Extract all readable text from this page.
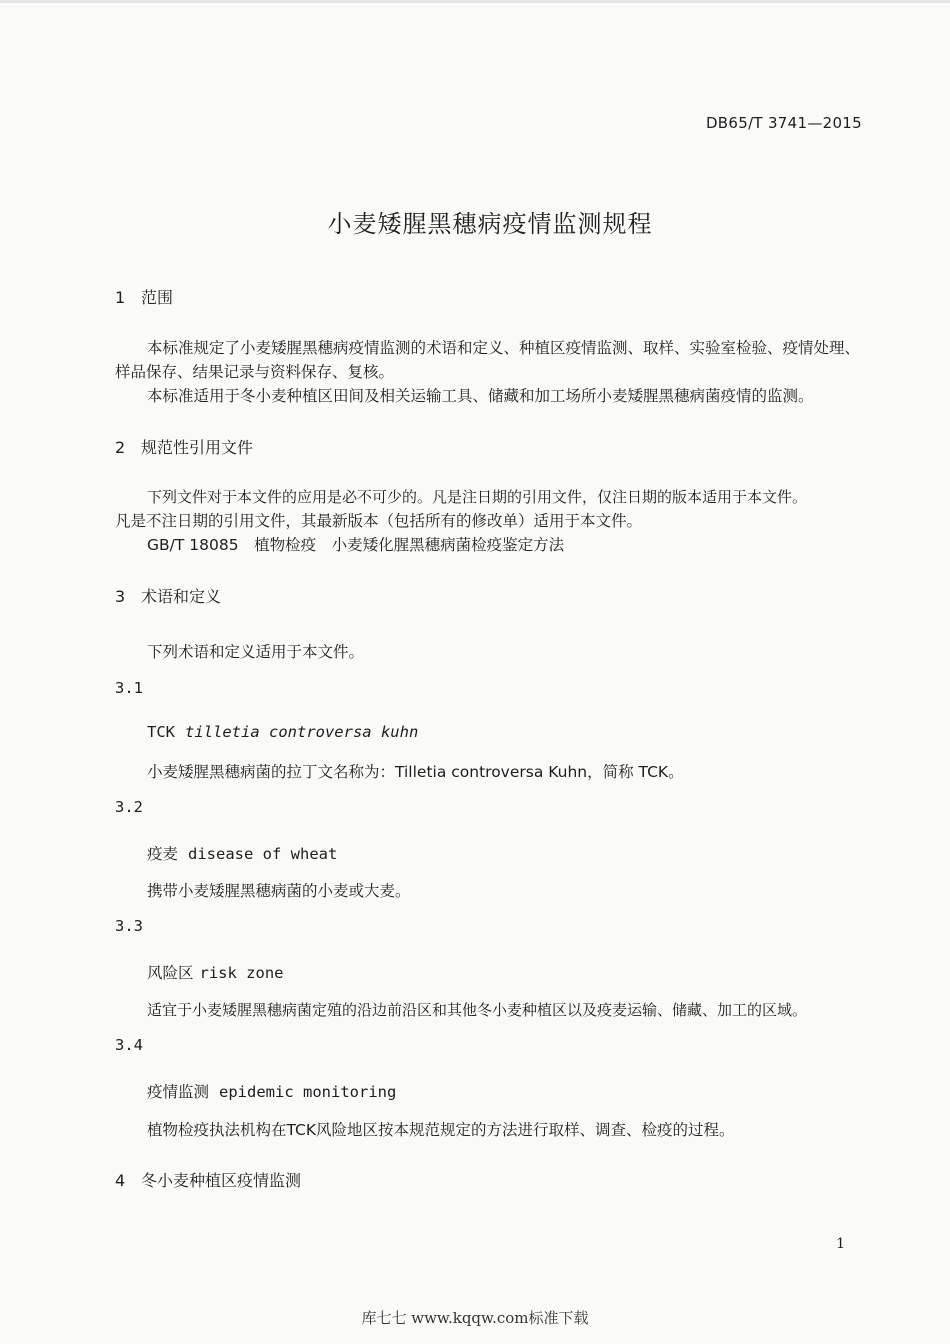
DB65/T 3741—2015
小麦矮腥黑穗病疫情监测规程
1 范围
本标准规定了小麦矮腥黑穗病疫情监测的术语和定义、种植区疫情监测、取样、实验室检验、疫情处理、样品保存、结果记录与资料保存、复核。
本标准适用于冬小麦种植区田间及相关运输工具、储藏和加工场所小麦矮腥黑穗病菌疫情的监测。
2 规范性引用文件
下列文件对于本文件的应用是必不可少的。凡是注日期的引用文件，仅注日期的版本适用于本文件。
凡是不注日期的引用文件，其最新版本（包括所有的修改单）适用于本文件。
GB/T 18085　植物检疫　小麦矮化腥黑穗病菌检疫鉴定方法
3 术语和定义
下列术语和定义适用于本文件。
3.1
TCK tilletia controversa kuhn
小麦矮腥黑穗病菌的拉丁文名称为：Tilletia controversa Kuhn，简称 TCK。
3.2
疫麦 disease of wheat
携带小麦矮腥黑穗病菌的小麦或大麦。
3.3
风险区 risk zone
适宜于小麦矮腥黑穗病菌定殖的沿边前沿区和其他冬小麦种植区以及疫麦运输、储藏、加工的区域。
3.4
疫情监测 epidemic monitoring
植物检疫执法机构在TCK风险地区按本规范规定的方法进行取样、调查、检疫的过程。
4 冬小麦种植区疫情监测
1
库七七 www.kqqw.com标准下载
